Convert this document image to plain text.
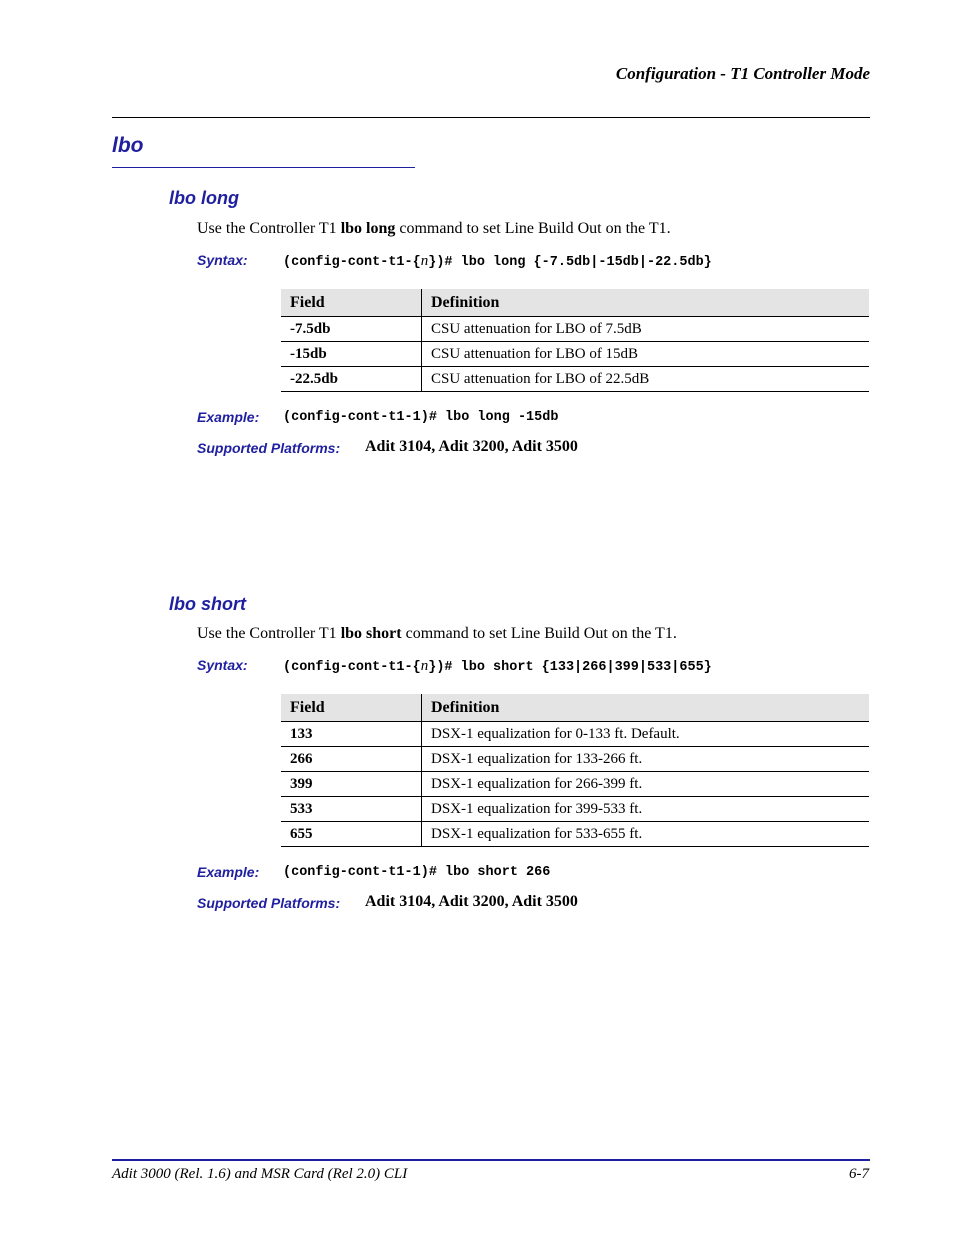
Configuration - T1 Controller Mode
lbo
lbo long
Use the Controller T1 lbo long command to set Line Build Out on the T1.
Syntax:	(config-cont-t1-{n})# lbo long {-7.5db|-15db|-22.5db}
Field	Definition
-7.5db	CSU attenuation for LBO of 7.5dB
-15db	CSU attenuation for LBO of 15dB
-22.5db	CSU attenuation for LBO of 22.5dB
Example: (config-cont-t1-1)# lbo long -15db
Supported Platforms: Adit 3104, Adit 3200, Adit 3500
lbo short
Use the Controller T1 lbo short command to set Line Build Out on the T1.
Syntax:	(config-cont-t1-{n})# lbo short {133|266|399|533|655}
Field	Definition
133	DSX-1 equalization for 0-133 ft. Default.
266	DSX-1 equalization for 133-266 ft.
399	DSX-1 equalization for 266-399 ft.
533	DSX-1 equalization for 399-533 ft.
655	DSX-1 equalization for 533-655 ft.
Example: (config-cont-t1-1)# lbo short 266
Supported Platforms: Adit 3104, Adit 3200, Adit 3500
Adit 3000 (Rel. 1.6) and MSR Card (Rel 2.0) CLI	6-7
